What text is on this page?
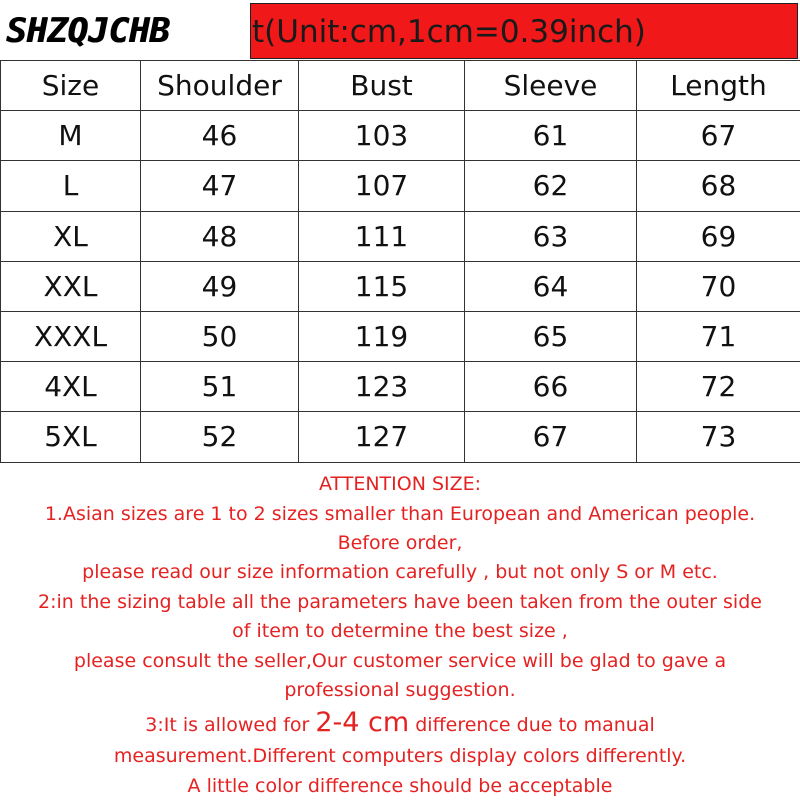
t(Unit:cm,1cm=0.39inch)
SHZQJCHB
Size	Shoulder	Bust	Sleeve	Length
M	46	103	61	67
L	47	107	62	68
XL	48	111	63	69
XXL	49	115	64	70
XXXL	50	119	65	71
4XL	51	123	66	72
5XL	52	127	67	73
ATTENTION SIZE:
1.Asian sizes are 1 to 2 sizes smaller than European and American people.
Before order,
please read our size information carefully , but not only S or M etc.
2:in the sizing table all the parameters have been taken from the outer side
of item to determine the best size ,
please consult the seller,Our customer service will be glad to gave a
professional suggestion.
3:It is allowed for 2-4 cm difference due to manual
measurement.Different computers display colors differently.
A little color difference should be acceptable
